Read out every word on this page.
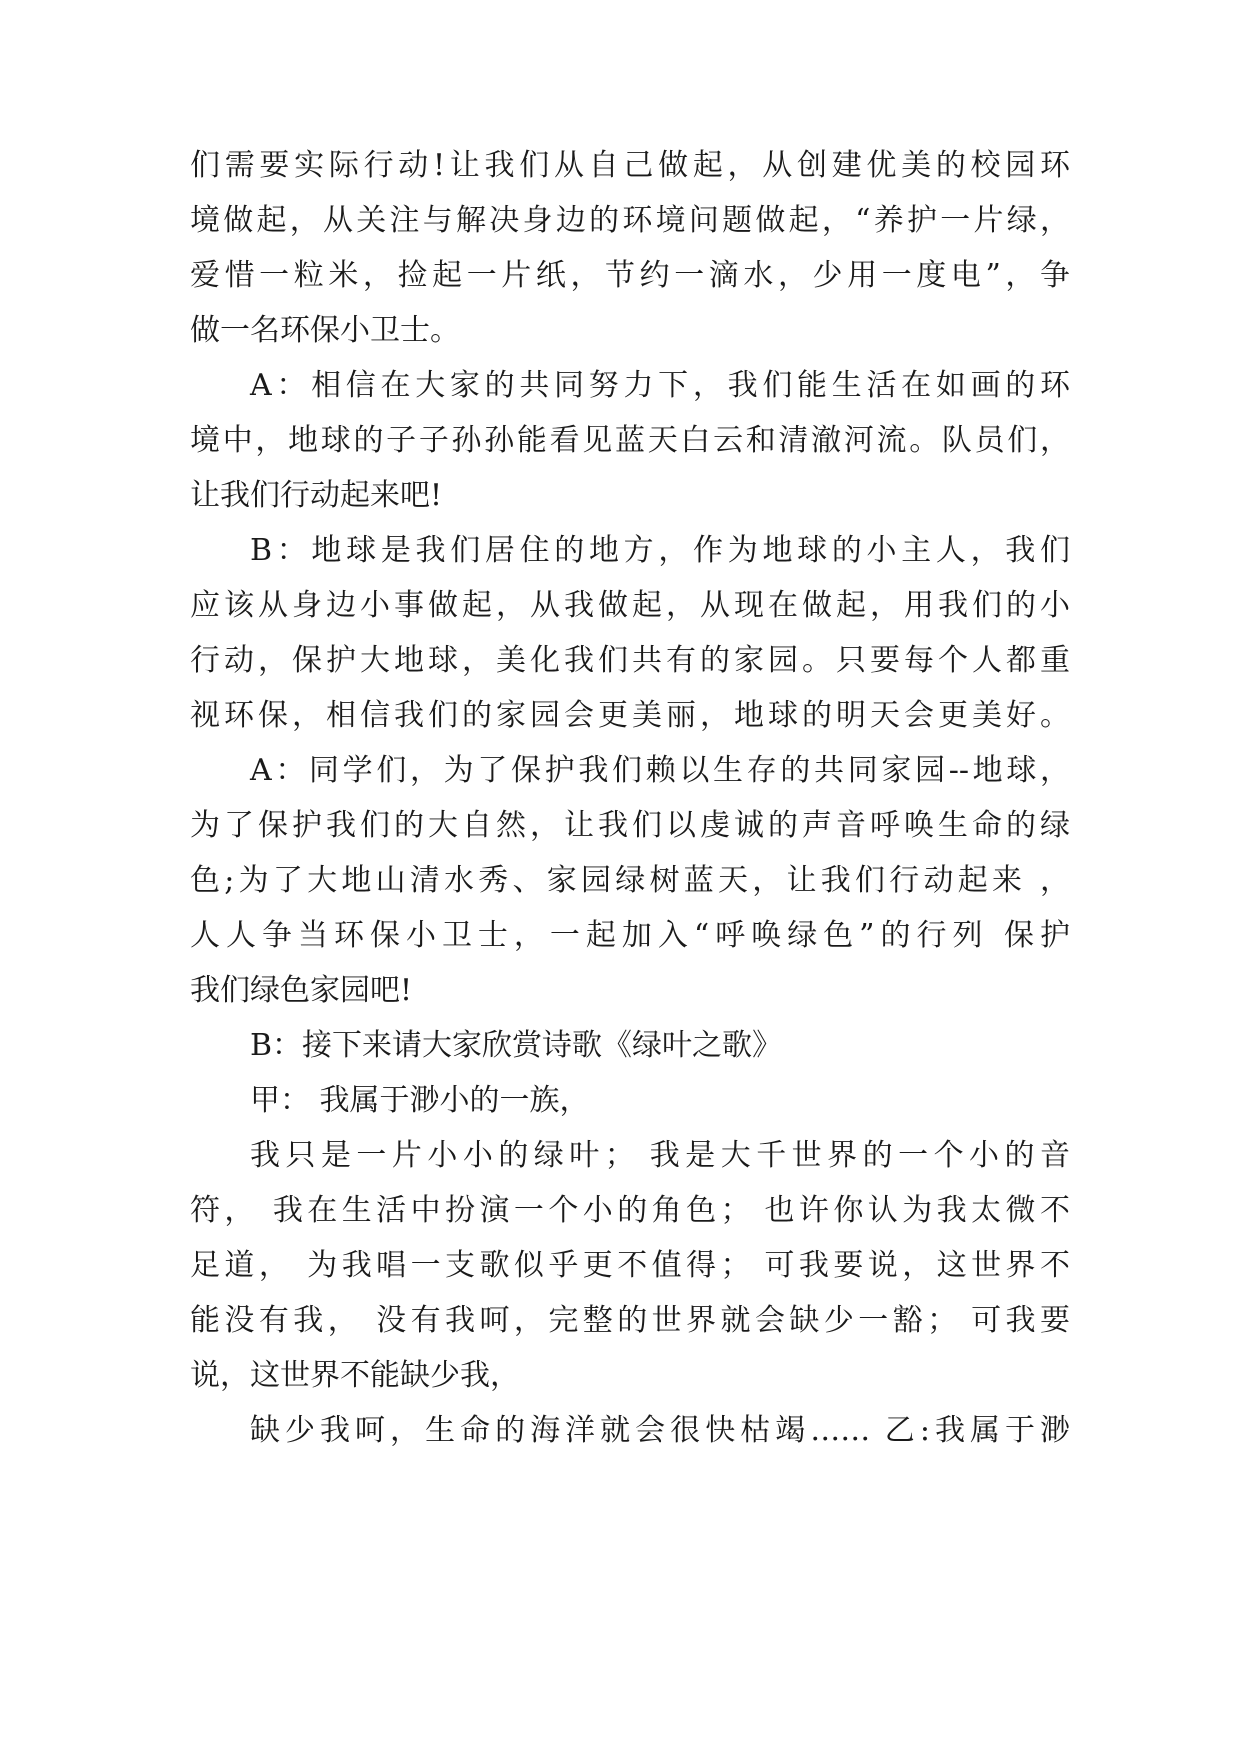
们需要实际行动!让我们从自己做起，从创建优美的校园环
境做起，从关注与解决身边的环境问题做起，“养护一片绿，
爱惜一粒米，捡起一片纸，节约一滴水，少用一度电”，争
做一名环保小卫士。
A：相信在大家的共同努力下，我们能生活在如画的环
境中，地球的子子孙孙能看见蓝天白云和清澈河流。队员们，
让我们行动起来吧!
B：地球是我们居住的地方，作为地球的小主人，我们
应该从身边小事做起，从我做起，从现在做起，用我们的小
行动，保护大地球，美化我们共有的家园。只要每个人都重
视环保，相信我们的家园会更美丽，地球的明天会更美好。
A：同学们，为了保护我们赖以生存的共同家园--地球，
为了保护我们的大自然，让我们以虔诚的声音呼唤生命的绿
色;为了大地山清水秀、家园绿树蓝天，让我们行动起来 ，
人人争当环保小卫士，一起加入“呼唤绿色”的行列 保护
我们绿色家园吧!
B：接下来请大家欣赏诗歌《绿叶之歌》
甲： 我属于渺小的一族，
我只是一片小小的绿叶； 我是大千世界的一个小的音
符， 我在生活中扮演一个小的角色； 也许你认为我太微不
足道， 为我唱一支歌似乎更不值得； 可我要说，这世界不
能没有我， 没有我呵，完整的世界就会缺少一豁； 可我要
说，这世界不能缺少我，
缺少我呵，生命的海洋就会很快枯竭…… 乙:我属于渺
